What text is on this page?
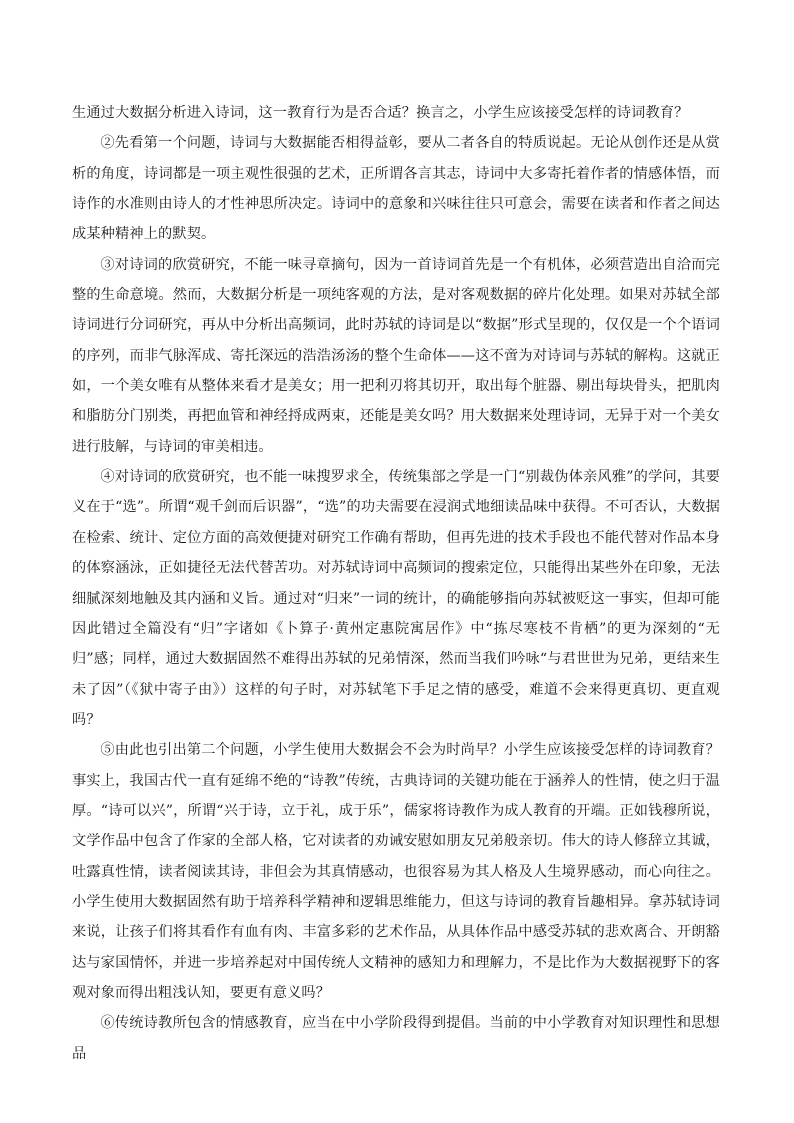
生通过大数据分析进入诗词，这一教育行为是否合适？换言之，小学生应该接受怎样的诗词教育？

②先看第一个问题，诗词与大数据能否相得益彰，要从二者各自的特质说起。无论从创作还是从赏析的角度，诗词都是一项主观性很强的艺术，正所谓各言其志，诗词中大多寄托着作者的情感体悟，而诗作的水准则由诗人的才性神思所决定。诗词中的意象和兴味往往只可意会，需要在读者和作者之间达成某种精神上的默契。

③对诗词的欣赏研究，不能一味寻章摘句，因为一首诗词首先是一个有机体，必须营造出自洽而完整的生命意境。然而，大数据分析是一项纯客观的方法，是对客观数据的碎片化处理。如果对苏轼全部诗词进行分词研究，再从中分析出高频词，此时苏轼的诗词是以“数据”形式呈现的，仅仅是一个个语词的序列，而非气脉浑成、寄托深远的浩浩汤汤的整个生命体——这不啻为对诗词与苏轼的解构。这就正如，一个美女唯有从整体来看才是美女；用一把利刃将其切开，取出每个脏器、剔出每块骨头，把肌肉和脂肪分门别类，再把血管和神经捋成两束，还能是美女吗？用大数据来处理诗词，无异于对一个美女进行肢解，与诗词的审美相违。

④对诗词的欣赏研究，也不能一味搜罗求全，传统集部之学是一门“别裁伪体亲风雅”的学问，其要义在于“选”。所谓“观千剑而后识器”，“选”的功夫需要在浸润式地细读品味中获得。不可否认，大数据在检索、统计、定位方面的高效便捷对研究工作确有帮助，但再先进的技术手段也不能代替对作品本身的体察涵泳，正如捷径无法代替苦功。对苏轼诗词中高频词的搜索定位，只能得出某些外在印象，无法细腻深刻地触及其内涵和义旨。通过对“归来”一词的统计，的确能够指向苏轼被贬这一事实，但却可能因此错过全篇没有“归”字诸如《卜算子·黄州定惠院寓居作》中“拣尽寒枝不肯栖”的更为深刻的“无归”感；同样，通过大数据固然不难得出苏轼的兄弟情深，然而当我们吟咏“与君世世为兄弟，更结来生未了因”（《狱中寄子由》）这样的句子时，对苏轼笔下手足之情的感受，难道不会来得更真切、更直观吗？

⑤由此也引出第二个问题，小学生使用大数据会不会为时尚早？小学生应该接受怎样的诗词教育？事实上，我国古代一直有延绵不绝的“诗教”传统，古典诗词的关键功能在于涵养人的性情，使之归于温厚。“诗可以兴”，所谓“兴于诗，立于礼，成于乐”，儒家将诗教作为成人教育的开端。正如钱穆所说，文学作品中包含了作家的全部人格，它对读者的劝诫安慰如朋友兄弟般亲切。伟大的诗人修辞立其诚，吐露真性情，读者阅读其诗，非但会为其真情感动，也很容易为其人格及人生境界感动，而心向往之。小学生使用大数据固然有助于培养科学精神和逻辑思维能力，但这与诗词的教育旨趣相异。拿苏轼诗词来说，让孩子们将其看作有血有肉、丰富多彩的艺术作品，从具体作品中感受苏轼的悲欢离合、开朗豁达与家国情怀，并进一步培养起对中国传统人文精神的感知力和理解力，不是比作为大数据视野下的客观对象而得出粗浅认知，要更有意义吗？

⑥传统诗教所包含的情感教育，应当在中小学阶段得到提倡。当前的中小学教育对知识理性和思想品
